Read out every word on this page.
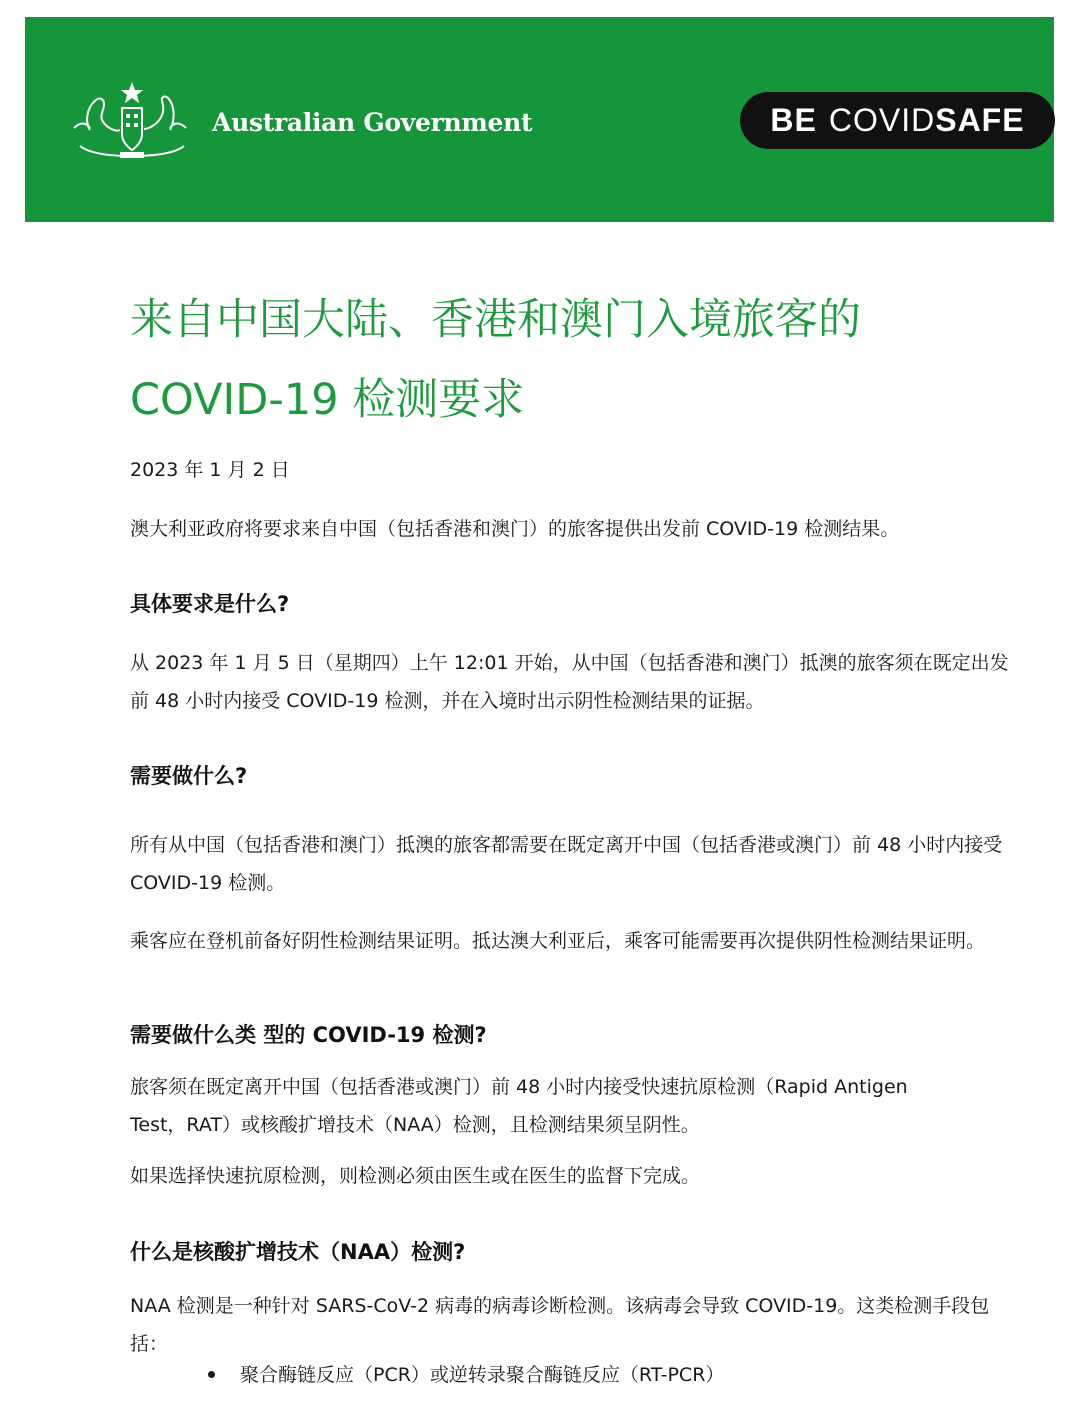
Australian Government	BE COVID SAFE
来自中国大陆、香港和澳门入境旅客的
COVID-19 检测要求

2023 年 1 月 2 日

澳大利亚政府将要求来自中国（包括香港和澳门）的旅客提供出发前 COVID-19 检测结果。

具体要求是什么?

从 2023 年 1 月 5 日（星期四）上午 12:01 开始，从中国（包括香港和澳门）抵澳的旅客须在既定出发前 48 小时内接受 COVID-19 检测，并在入境时出示阴性检测结果的证据。

需要做什么?

所有从中国（包括香港和澳门）抵澳的旅客都需要在既定离开中国（包括香港或澳门）前 48 小时内接受 COVID-19 检测。

乘客应在登机前备好阴性检测结果证明。抵达澳大利亚后，乘客可能需要再次提供阴性检测结果证明。

需要做什么类 型的 COVID-19 检测?

旅客须在既定离开中国（包括香港或澳门）前 48 小时内接受快速抗原检测（Rapid Antigen Test，RAT）或核酸扩增技术（NAA）检测，且检测结果须呈阴性。

如果选择快速抗原检测，则检测必须由医生或在医生的监督下完成。

什么是核酸扩增技术（NAA）检测?

NAA 检测是一种针对 SARS-CoV-2 病毒的病毒诊断检测。该病毒会导致 COVID-19。这类检测手段包括：

聚合酶链反应（PCR）或逆转录聚合酶链反应（RT-PCR）
